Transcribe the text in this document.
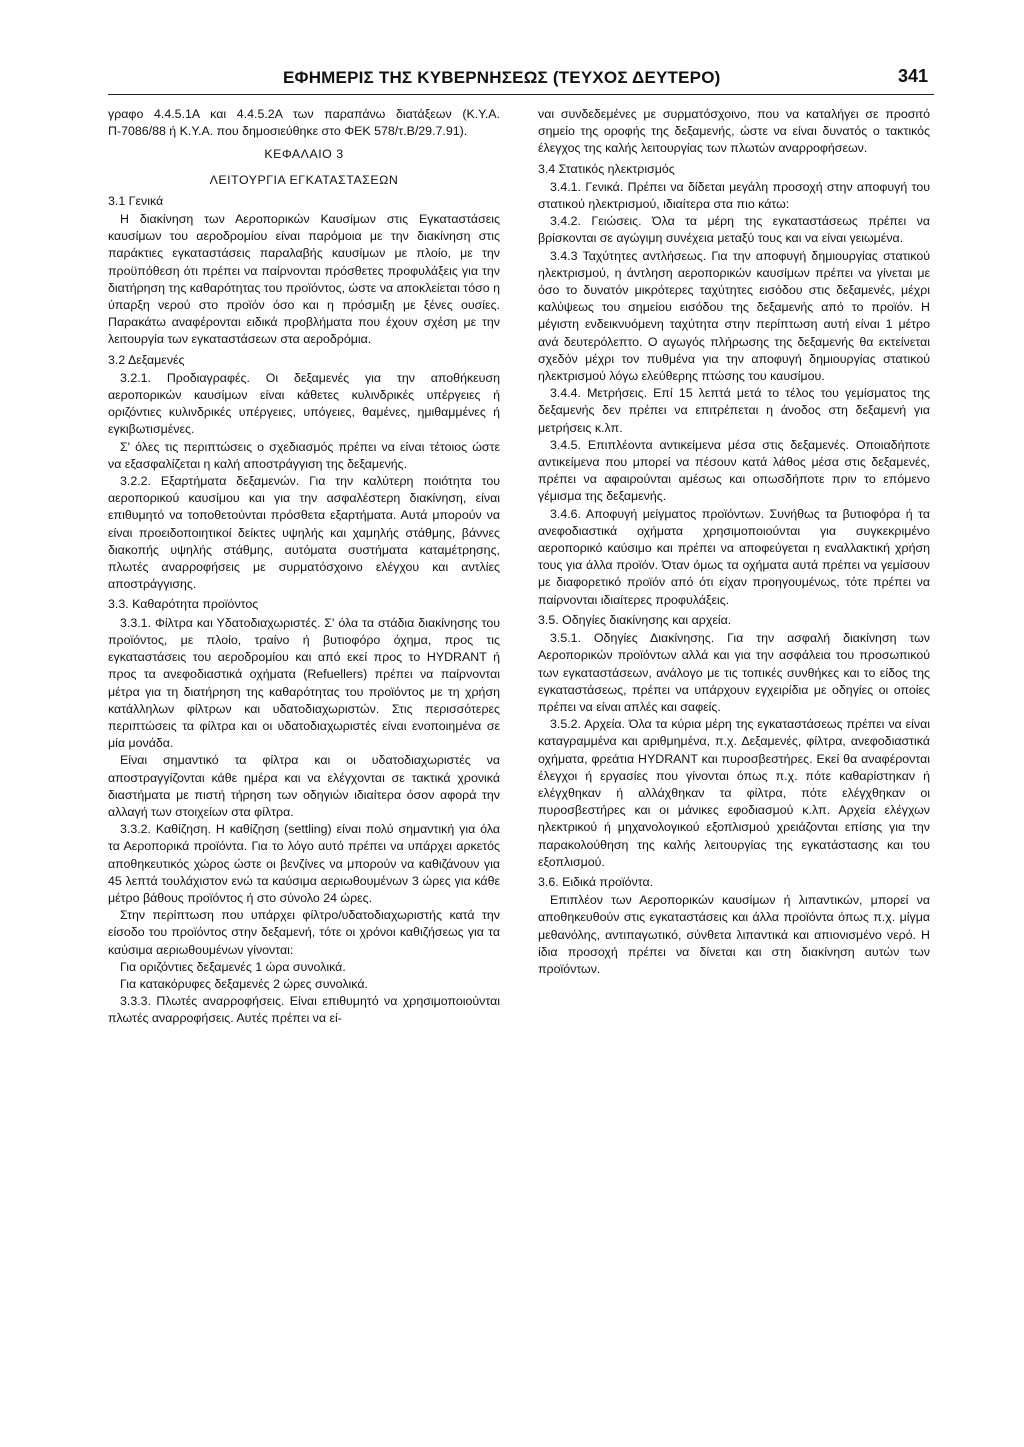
ΕΦΗΜΕΡΙΣ ΤΗΣ ΚΥΒΕΡΝΗΣΕΩΣ (ΤΕΥΧΟΣ ΔΕΥΤΕΡΟ)	341

γραφο 4.4.5.1Α και 4.4.5.2Α των παραπάνω διατάξεων (Κ.Υ.Α. Π-7086/88 ή Κ.Υ.Α. που δημοσιεύθηκε στο ΦΕΚ 578/τ.Β/29.7.91).

ΚΕΦΑΛΑΙΟ 3
ΛΕΙΤΟΥΡΓΙΑ ΕΓΚΑΤΑΣΤΑΣΕΩΝ

3.1 Γενικά

Η διακίνηση των Αεροπορικών Καυσίμων στις Εγκαταστάσεις καυσίμων του αεροδρομίου είναι παρόμοια με την διακίνηση στις παράκτιες εγκαταστάσεις παραλαβής καυσίμων με πλοίο, με την προϋπόθεση ότι πρέπει να παίρνονται πρόσθετες προφυλάξεις για την διατήρηση της καθαρότητας του προϊόντος, ώστε να αποκλείεται τόσο η ύπαρξη νερού στο προϊόν όσο και η πρόσμιξη με ξένες ουσίες. Παρακάτω αναφέρονται ειδικά προβλήματα που έχουν σχέση με την λειτουργία των εγκαταστάσεων στα αεροδρόμια.

3.2 Δεξαμενές

3.2.1. Προδιαγραφές. Οι δεξαμενές για την αποθήκευση αεροπορικών καυσίμων είναι κάθετες κυλινδρικές υπέργειες ή οριζόντιες κυλινδρικές υπέργειες, υπόγειες, θαμένες, ημιθαμμένες ή εγκιβωτισμένες.

Σ' όλες τις περιπτώσεις ο σχεδιασμός πρέπει να είναι τέτοιος ώστε να εξασφαλίζεται η καλή αποστράγγιση της δεξαμενής.

3.2.2. Εξαρτήματα δεξαμενών. Για την καλύτερη ποιότητα του αεροπορικού καυσίμου και για την ασφαλέστερη διακίνηση, είναι επιθυμητό να τοποθετούνται πρόσθετα εξαρτήματα. Αυτά μπορούν να είναι προειδοποιητικοί δείκτες υψηλής και χαμηλής στάθμης, βάννες διακοπής υψηλής στάθμης, αυτόματα συστήματα καταμέτρησης, πλωτές αναρροφήσεις με συρματόσχοινο ελέγχου και αντλίες αποστράγγισης.

3.3. Καθαρότητα προϊόντος

3.3.1. Φίλτρα και Υδατοδιαχωριστές. Σ' όλα τα στάδια διακίνησης του προϊόντος, με πλοίο, τραίνο ή βυτιοφόρο όχημα, προς τις εγκαταστάσεις του αεροδρομίου και από εκεί προς το HYDRANT ή προς τα ανεφοδιαστικά οχήματα (Refuellers) πρέπει να παίρνονται μέτρα για τη διατήρηση της καθαρότητας του προϊόντος με τη χρήση κατάλληλων φίλτρων και υδατοδιαχωριστών. Στις περισσότερες περιπτώσεις τα φίλτρα και οι υδατοδιαχωριστές είναι ενοποιημένα σε μία μονάδα.

Είναι σημαντικό τα φίλτρα και οι υδατοδιαχωριστές να αποστραγγίζονται κάθε ημέρα και να ελέγχονται σε τακτικά χρονικά διαστήματα με πιστή τήρηση των οδηγιών ιδιαίτερα όσον αφορά την αλλαγή των στοιχείων στα φίλτρα.

3.3.2. Καθίζηση. Η καθίζηση (settling) είναι πολύ σημαντική για όλα τα Αεροπορικά προϊόντα. Για το λόγο αυτό πρέπει να υπάρχει αρκετός αποθηκευτικός χώρος ώστε οι βενζίνες να μπορούν να καθιζάνουν για 45 λεπτά τουλάχιστον ενώ τα καύσιμα αεριωθουμένων 3 ώρες για κάθε μέτρο βάθους προϊόντος ή στο σύνολο 24 ώρες.

Στην περίπτωση που υπάρχει φίλτρο/υδατοδιαχωριστής κατά την είσοδο του προϊόντος στην δεξαμενή, τότε οι χρόνοι καθιζήσεως για τα καύσιμα αεριωθουμένων γίνονται:

Για οριζόντιες δεξαμενές 1 ώρα συνολικά.

Για κατακόρυφες δεξαμενές 2 ώρες συνολικά.

3.3.3. Πλωτές αναρροφήσεις. Είναι επιθυμητό να χρησιμοποιούνται πλωτές αναρροφήσεις. Αυτές πρέπει να εί-

ναι συνδεδεμένες με συρματόσχοινο, που να καταλήγει σε προσιτό σημείο της οροφής της δεξαμενής, ώστε να είναι δυνατός ο τακτικός έλεγχος της καλής λειτουργίας των πλωτών αναρροφήσεων.

3.4 Στατικός ηλεκτρισμός

3.4.1. Γενικά. Πρέπει να δίδεται μεγάλη προσοχή στην αποφυγή του στατικού ηλεκτρισμού, ιδιαίτερα στα πιο κάτω:

3.4.2. Γειώσεις. Όλα τα μέρη της εγκαταστάσεως πρέπει να βρίσκονται σε αγώγιμη συνέχεια μεταξύ τους και να είναι γειωμένα.

3.4.3 Ταχύτητες αντλήσεως. Για την αποφυγή δημιουργίας στατικού ηλεκτρισμού, η άντληση αεροπορικών καυσίμων πρέπει να γίνεται με όσο το δυνατόν μικρότερες ταχύτητες εισόδου στις δεξαμενές, μέχρι καλύψεως του σημείου εισόδου της δεξαμενής από το προϊόν. Η μέγιστη ενδεικνυόμενη ταχύτητα στην περίπτωση αυτή είναι 1 μέτρο ανά δευτερόλεπτο. Ο αγωγός πλήρωσης της δεξαμενής θα εκτείνεται σχεδόν μέχρι τον πυθμένα για την αποφυγή δημιουργίας στατικού ηλεκτρισμού λόγω ελεύθερης πτώσης του καυσίμου.

3.4.4. Μετρήσεις. Επί 15 λεπτά μετά το τέλος του γεμίσματος της δεξαμενής δεν πρέπει να επιτρέπεται η άνοδος στη δεξαμενή για μετρήσεις κ.λπ.

3.4.5. Επιπλέοντα αντικείμενα μέσα στις δεξαμενές. Οποιαδήποτε αντικείμενα που μπορεί να πέσουν κατά λάθος μέσα στις δεξαμενές, πρέπει να αφαιρούνται αμέσως και οπωσδήποτε πριν το επόμενο γέμισμα της δεξαμενής.

3.4.6. Αποφυγή μείγματος προϊόντων. Συνήθως τα βυτιοφόρα ή τα ανεφοδιαστικά οχήματα χρησιμοποιούνται για συγκεκριμένο αεροπορικό καύσιμο και πρέπει να αποφεύγεται η εναλλακτική χρήση τους για άλλα προϊόν. Όταν όμως τα οχήματα αυτά πρέπει να γεμίσουν με διαφορετικό προϊόν από ότι είχαν προηγουμένως, τότε πρέπει να παίρνονται ιδιαίτερες προφυλάξεις.

3.5. Οδηγίες διακίνησης και αρχεία.

3.5.1. Οδηγίες Διακίνησης. Για την ασφαλή διακίνηση των Αεροπορικών προϊόντων αλλά και για την ασφάλεια του προσωπικού των εγκαταστάσεων, ανάλογο με τις τοπικές συνθήκες και το είδος της εγκαταστάσεως, πρέπει να υπάρχουν εγχειρίδια με οδηγίες οι οποίες πρέπει να είναι απλές και σαφείς.

3.5.2. Αρχεία. Όλα τα κύρια μέρη της εγκαταστάσεως πρέπει να είναι καταγραμμένα και αριθμημένα, π.χ. Δεξαμενές, φίλτρα, ανεφοδιαστικά οχήματα, φρεάτια HYDRANT και πυροσβεστήρες. Εκεί θα αναφέρονται έλεγχοι ή εργασίες που γίνονται όπως π.χ. πότε καθαρίστηκαν ή ελέγχθηκαν ή αλλάχθηκαν τα φίλτρα, πότε ελέγχθηκαν οι πυροσβεστήρες και οι μάνικες εφοδιασμού κ.λπ. Αρχεία ελέγχων ηλεκτρικού ή μηχανολογικού εξοπλισμού χρειάζονται επίσης για την παρακολούθηση της καλής λειτουργίας της εγκατάστασης και του εξοπλισμού.

3.6. Ειδικά προϊόντα.

Επιπλέον των Αεροπορικών καυσίμων ή λιπαντικών, μπορεί να αποθηκευθούν στις εγκαταστάσεις και άλλα προϊόντα όπως π.χ. μίγμα μεθανόλης, αντιπαγωτικό, σύνθετα λιπαντικά και απιονισμένο νερό. Η ίδια προσοχή πρέπει να δίνεται και στη διακίνηση αυτών των προϊόντων.
